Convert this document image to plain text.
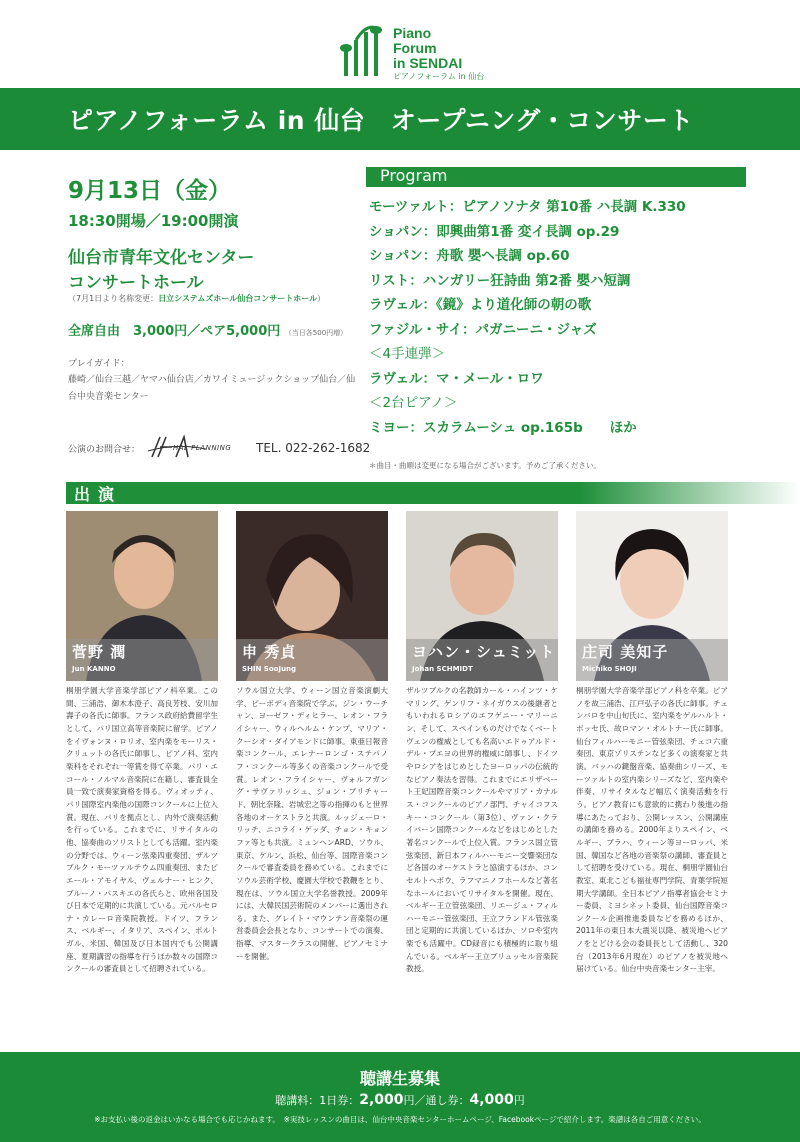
Piano
Forum
in SENDAI
ピアノフォーラム in 仙台
ピアノフォーラム in 仙台　オープニング・コンサート
9月13日（金）
18:30開場／19:00開演
仙台市青年文化センター
コンサートホール
（7月1日より名称変更：日立システムズホール仙台コンサートホール）
全席自由　3,000円／ペア5,000円 （当日各500円増）
プレイガイド：
藤崎／仙台三越／ヤマハ仙台店／カワイミュージックショップ仙台／仙台中央音楽センター
公演のお問合せ：	HAL PLANNING TEL. 022-262-1682
Program
モーツァルト：ピアノソナタ 第10番 ハ長調 K.330
ショパン：即興曲第1番 変イ長調 op.29
ショパン：舟歌 嬰ヘ長調 op.60
リスト：ハンガリー狂詩曲 第2番 嬰ハ短調
ラヴェル：《鏡》より道化師の朝の歌
ファジル・サイ：パガニーニ・ジャズ
＜4手連弾＞
ラヴェル：マ・メール・ロワ
＜2台ピアノ＞
ミヨー：スカラムーシュ op.165b　　ほか
＊曲目・曲順は変更になる場合がございます。予めご了承ください。
出演
菅野 潤
Jun KANNO
桐朋学園大学音楽学部ピアノ科卒業。この間、三浦浩、御木本澄子、高良芳枝、安川加壽子の各氏に師事。フランス政府給費留学生として、パリ国立高等音楽院に留学。ピアノをイヴォンヌ・ロリオ、室内楽をモーリス・クリュットの各氏に師事し、ピアノ科、室内楽科をそれぞれ一等賞を得て卒業。パリ・エコール・ノルマル音楽院に在籍し、審査員全員一致で演奏家資格を得る。ヴィオッティ、パリ国際室内楽他の国際コンクールに上位入賞。現在、パリを拠点とし、内外で演奏活動を行っている。これまでに、リサイタルの他、協奏曲のソリストとしても活躍。室内楽の分野では、ウィーン弦楽四重奏団、ザルツブルク・モーツァルテウム四重奏団、またピエール・アモイヤル、ヴェルナー・ヒンク、ブルーノ・パスキエの各氏らと、欧州各国及び日本で定期的に共演している。元バルセロナ・カレーロ音楽院教授。ドイツ、フランス、ベルギー、イタリア、スペイン、ポルトガル、米国、韓国及び日本国内でも公開講座、夏期講習の指導を行うほか数々の国際コンクールの審査員として招聘されている。
申 秀貞
SHIN SooJung
ソウル国立大学、ウィーン国立音楽演劇大学、ピーボディ音楽院で学ぶ。ジン・ウーチャン、ヨーゼフ・ディヒラー、レオン・フライシャー、ウィルヘルム・ケンプ、マリア・クーシオ・ダイアモンドに師事。東亜日報音楽コンクール、エレナーロンゴ・ステパノフ・コンクール等多くの音楽コンクールで受賞。レオン・フライシャー、ヴォルフガング・サヴァリッシュ、ジョン・ブリチャード、朝比奈隆、岩城宏之等の指揮のもと世界各地のオーケストラと共演。ルッジェーロ・リッチ、ニコライ・ゲッダ、チョン・キョンファ等とも共演。ミュンヘンARD、ソウル、東京、ケルン、浜松、仙台等、国際音楽コンクールで審査委員を務めている。これまでにソウル芸術学校、慶園大学校で教鞭をとり、現在は、ソウル国立大学名誉教授。2009年には、大韓民国芸術院のメンバーに選出される。また、グレイト・マウンテン音楽祭の運営委員会会長となり、コンサートでの演奏、指導、マスタークラスの開催、ピアノセミナーを開催。
ヨハン・シュミット
Johan SCHMIDT
ザルツブルクの名教師カール・ハインツ・ケマリング、ゲンリフ・ネイガウスの後継者ともいわれるロシアのエフゲニー・マリーニン、そして、スペインものだけでなくベートヴェンの権威としても名高いエドゥアルド・デル・プエヨの世界的権威に師事し、ドイツやロシアをはじめとしたヨーロッパの伝統的なピアノ奏法を習得。これまでにエリザベート王妃国際音楽コンクールやマリア・カナルス・コンクールのピアノ部門、チャイコフスキー・コンクール（第3位）、ヴァン・クライバーン国際コンクールなどをはじめとした著名コンクールで上位入賞。フランス国立管弦楽団、新日本フィルハーモニー交響楽団など各国のオーケストラと協演するほか、コンセルトヘボウ、ラフマニノフホールなど著名なホールにおいてリサイタルを開催。現在、ベルギー王立管弦楽団、リエージュ・フィルハーモニー管弦楽団、王立フランドル管弦楽団と定期的に共演しているほか、ソロや室内楽でも活躍中。CD録音にも積極的に取り組んでいる。ベルギー王立ブリュッセル音楽院教授。
庄司 美知子
Michiko SHOJI
桐朋学園大学音楽学部ピアノ科を卒業。ピアノを故三浦浩、江戸弘子の各氏に師事。チェンバロを中山旬氏に、室内楽をゲルハルト・ボッセ氏、故ロマン・オルトナー氏に師事。仙台フィルハーモニー管弦楽団、チェコ六重奏団、東京ゾリステンなど多くの演奏家と共演。バッハの鍵盤音楽、協奏曲シリーズ、モーツァルトの室内楽シリーズなど、室内楽や伴奏、リサイタルなど幅広く演奏活動を行う。ピアノ教育にも意欲的に携わり後進の指導にあたっており、公開レッスン、公開講座の講師を務める。2000年よりスペイン、ベルギー、ブラハ、ウィーン等ヨーロッパ、米国、韓国など各地の音楽祭の講師、審査員として招聘を受けている。現在、桐朋学園仙台教室、東北こども福祉専門学院、青葉学院短期大学講師。全日本ピアノ指導者協会セミナー委員、ミヨシネット委員、仙台国際音楽コンクール企画推進委員などを務めるほか、2011年の東日本大震災以降、被災地へピアノをとどける会の委員長として活動し、320台（2013年6月現在）のピアノを被災地へ届けている。仙台中央音楽センター主宰。
聴講生募集
聴講料：1日券：2,000円／通し券：4,000円
※お支払い後の返金はいかなる場合でも応じかねます。　※実技レッスンの曲目は、仙台中央音楽センターホームページ、Facebookページで紹介します。楽譜は各自ご用意ください。
